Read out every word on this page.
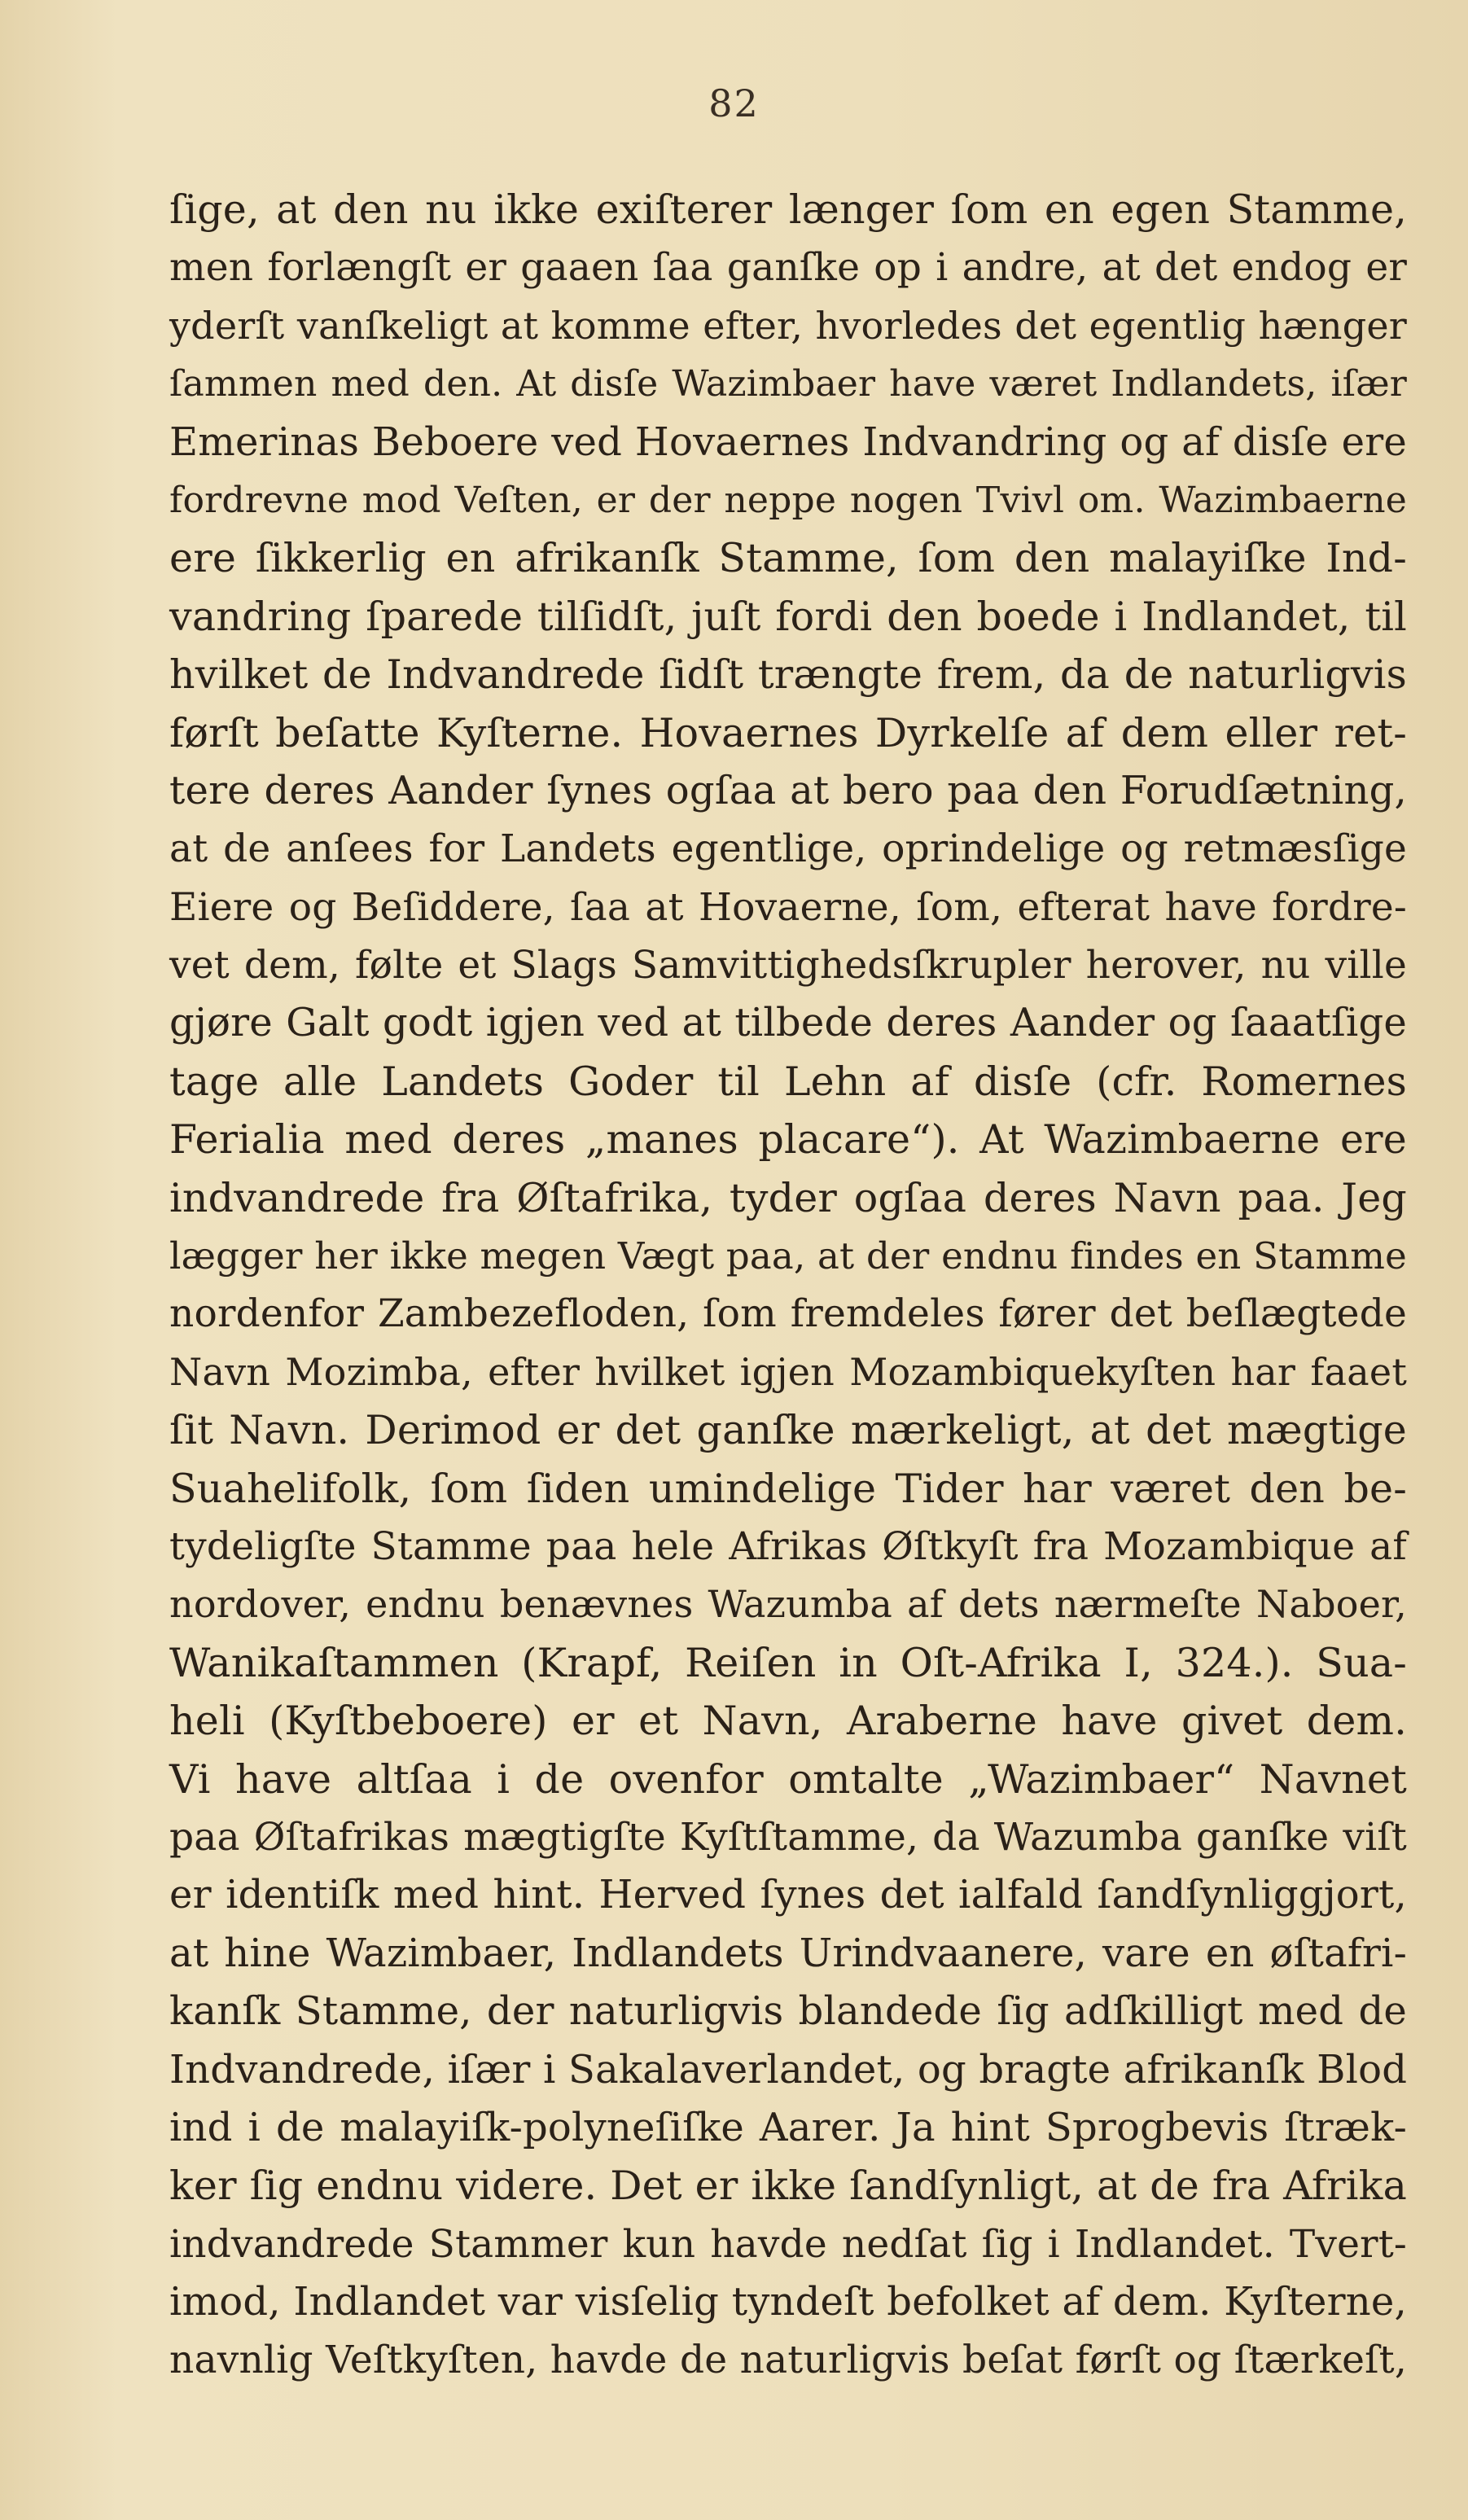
82
ſige, at den nu ikke exiſterer længer ſom en egen Stamme,
men forlængſt er gaaen ſaa ganſke op i andre, at det endog er
yderſt vanſkeligt at komme efter, hvorledes det egentlig hænger
ſammen med den. At disſe Wazimbaer have været Indlandets, iſær
Emerinas Beboere ved Hovaernes Indvandring og af disſe ere
fordrevne mod Veſten, er der neppe nogen Tvivl om. Wazimbaerne
ere ſikkerlig en afrikanſk Stamme, ſom den malayiſke Ind-
vandring ſparede tilſidſt, juſt fordi den boede i Indlandet, til
hvilket de Indvandrede ſidſt trængte frem, da de naturligvis
førſt beſatte Kyſterne. Hovaernes Dyrkelſe af dem eller ret-
tere deres Aander ſynes ogſaa at bero paa den Forudſætning,
at de anſees for Landets egentlige, oprindelige og retmæsſige
Eiere og Beſiddere, ſaa at Hovaerne, ſom, efterat have fordre-
vet dem, følte et Slags Samvittighedsſkrupler herover, nu ville
gjøre Galt godt igjen ved at tilbede deres Aander og ſaaatſige
tage alle Landets Goder til Lehn af disſe (cfr. Romernes
Ferialia med deres „manes placare“). At Wazimbaerne ere
indvandrede fra Øſtafrika, tyder ogſaa deres Navn paa. Jeg
lægger her ikke megen Vægt paa, at der endnu findes en Stamme
nordenfor Zambezefloden, ſom fremdeles fører det beſlægtede
Navn Mozimba, efter hvilket igjen Mozambiquekyſten har faaet
ſit Navn. Derimod er det ganſke mærkeligt, at det mægtige
Suahelifolk, ſom ſiden umindelige Tider har været den be-
tydeligſte Stamme paa hele Afrikas Øſtkyſt fra Mozambique af
nordover, endnu benævnes Wazumba af dets nærmeſte Naboer,
Wanikaſtammen (Krapf, Reiſen in Oſt-Afrika I, 324.). Sua-
heli (Kyſtbeboere) er et Navn, Araberne have givet dem.
Vi have altſaa i de ovenfor omtalte „Wazimbaer“ Navnet
paa Øſtafrikas mægtigſte Kyſtſtamme, da Wazumba ganſke viſt
er identiſk med hint. Herved ſynes det ialfald ſandſynliggjort,
at hine Wazimbaer, Indlandets Urindvaanere, vare en øſtafri-
kanſk Stamme, der naturligvis blandede ſig adſkilligt med de
Indvandrede, iſær i Sakalaverlandet, og bragte afrikanſk Blod
ind i de malayiſk-polyneſiſke Aarer. Ja hint Sprogbevis ſtræk-
ker ſig endnu videre. Det er ikke ſandſynligt, at de fra Afrika
indvandrede Stammer kun havde nedſat ſig i Indlandet. Tvert-
imod, Indlandet var visſelig tyndeſt befolket af dem. Kyſterne,
navnlig Veſtkyſten, havde de naturligvis beſat førſt og ſtærkeſt,
